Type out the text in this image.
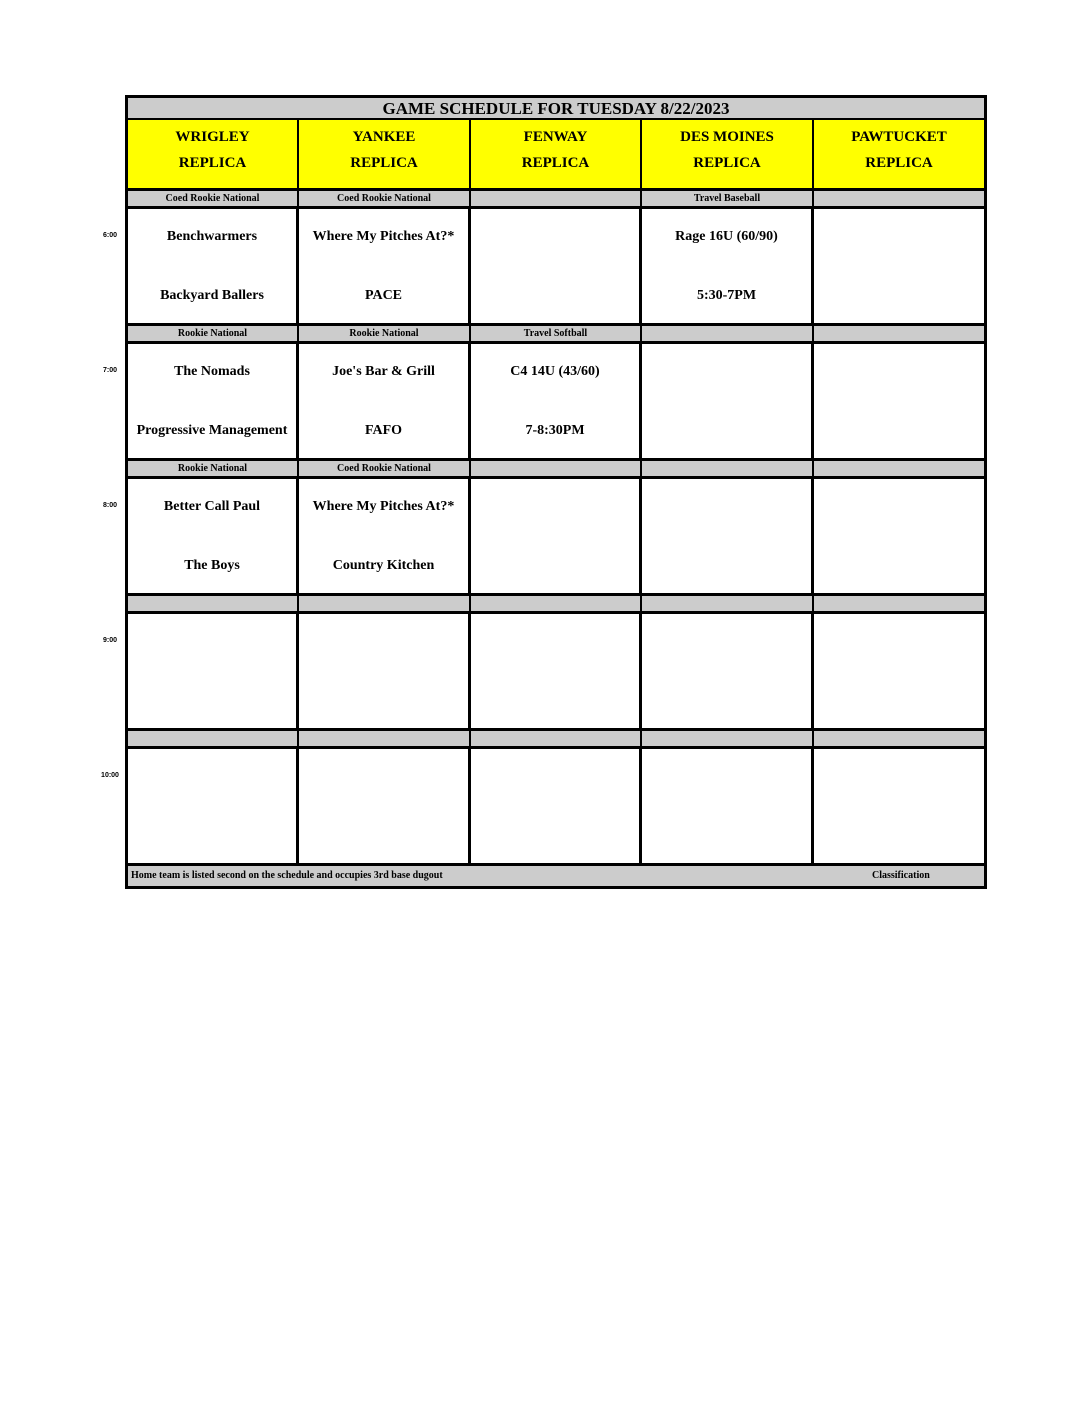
GAME SCHEDULE FOR TUESDAY 8/22/2023
WRIGLEY
REPLICA
YANKEE
REPLICA
FENWAY
REPLICA
DES MOINES
REPLICA
PAWTUCKET
REPLICA
Coed Rookie National
Benchwarmers
Backyard Ballers
Coed Rookie National
Where My Pitches At?*
PACE
Travel Baseball
Rage 16U (60/90)
5:30-7PM
Rookie National
The Nomads
Progressive Management
Rookie National
Joe's Bar & Grill
FAFO
Travel Softball
C4 14U (43/60)
7-8:30PM
Rookie National
Better Call Paul
The Boys
Coed Rookie National
Where My Pitches At?*
Country Kitchen
Home team is listed second on the schedule and occupies 3rd base dugout	Classification
6:00
7:00
8:00
9:00
10:00
